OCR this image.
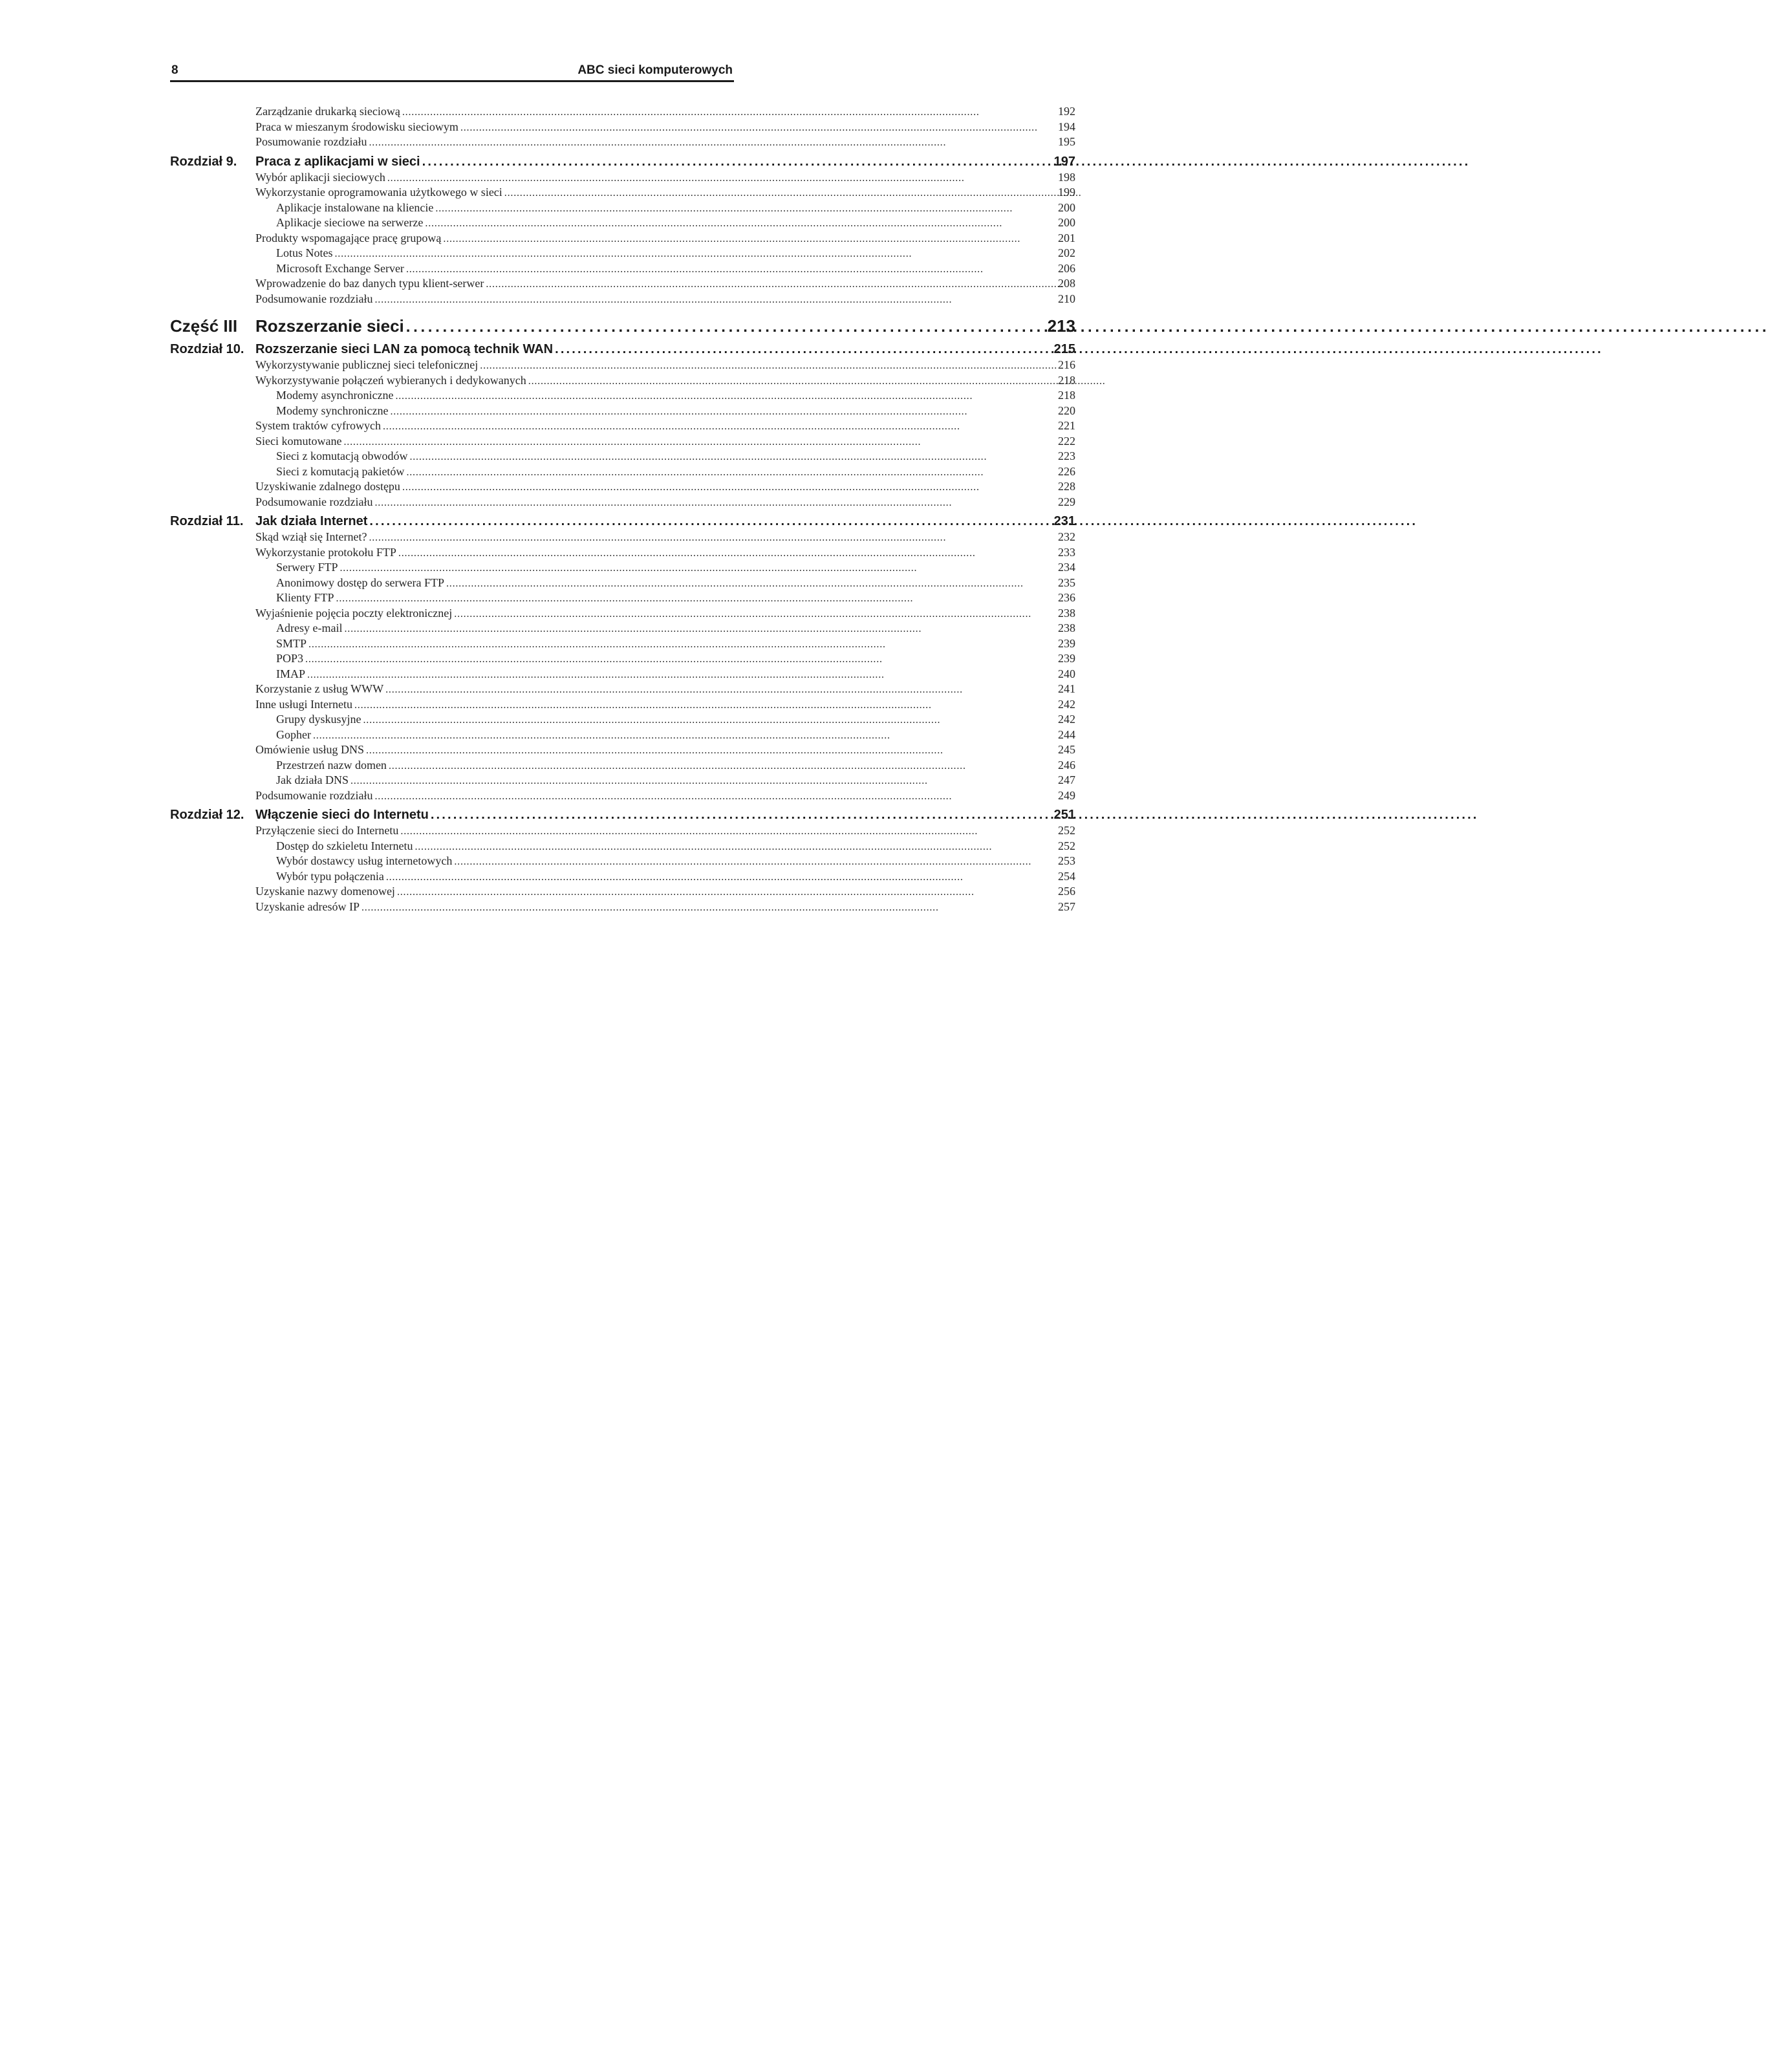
8	ABC sieci komputerowych
Zarządzanie drukarką sieciową . . .	192
Praca w mieszanym środowisku sieciowym . . .	194
Posumowanie rozdziału . . .	195
Rozdział 9.	Praca z aplikacjami w sieci . . .	197
Wybór aplikacji sieciowych . . .	198
Wykorzystanie oprogramowania użytkowego w sieci . . .	199
Aplikacje instalowane na kliencie . . .	200
Aplikacje sieciowe na serwerze . . .	200
Produkty wspomagające pracę grupową . . .	201
Lotus Notes . . .	202
Microsoft Exchange Server . . .	206
Wprowadzenie do baz danych typu klient-serwer . . .	208
Podsumowanie rozdziału . . .	210
Część III	Rozszerzanie sieci . . .	213
Rozdział 10. Rozszerzanie sieci LAN za pomocą technik WAN . . .	215
Wykorzystywanie publicznej sieci telefonicznej . . .	216
Wykorzystywanie połączeń wybieranych i dedykowanych . . .	218
Modemy asynchroniczne . . .	218
Modemy synchroniczne . . .	220
System traktów cyfrowych . . .	221
Sieci komutowane . . .	222
Sieci z komutacją obwodów . . .	223
Sieci z komutacją pakietów . . .	226
Uzyskiwanie zdalnego dostępu . . .	228
Podsumowanie rozdziału . . .	229
Rozdział 11. Jak działa Internet . . .	231
Skąd wziął się Internet? . . .	232
Wykorzystanie protokołu FTP . . .	233
Serwery FTP . . .	234
Anonimowy dostęp do serwera FTP . . .	235
Klienty FTP . . .	236
Wyjaśnienie pojęcia poczty elektronicznej . . .	238
Adresy e-mail . . .	238
SMTP . . .	239
POP3 . . .	239
IMAP . . .	240
Korzystanie z usług WWW . . .	241
Inne usługi Internetu . . .	242
Grupy dyskusyjne . . .	242
Gopher . . .	244
Omówienie usług DNS . . .	245
Przestrzeń nazw domen . . .	246
Jak działa DNS . . .	247
Podsumowanie rozdziału . . .	249
Rozdział 12. Włączenie sieci do Internetu . . .	251
Przyłączenie sieci do Internetu . . .	252
Dostęp do szkieletu Internetu . . .	252
Wybór dostawcy usług internetowych . . .	253
Wybór typu połączenia . . .	254
Uzyskanie nazwy domenowej . . .	256
Uzyskanie adresów IP . . .	257
